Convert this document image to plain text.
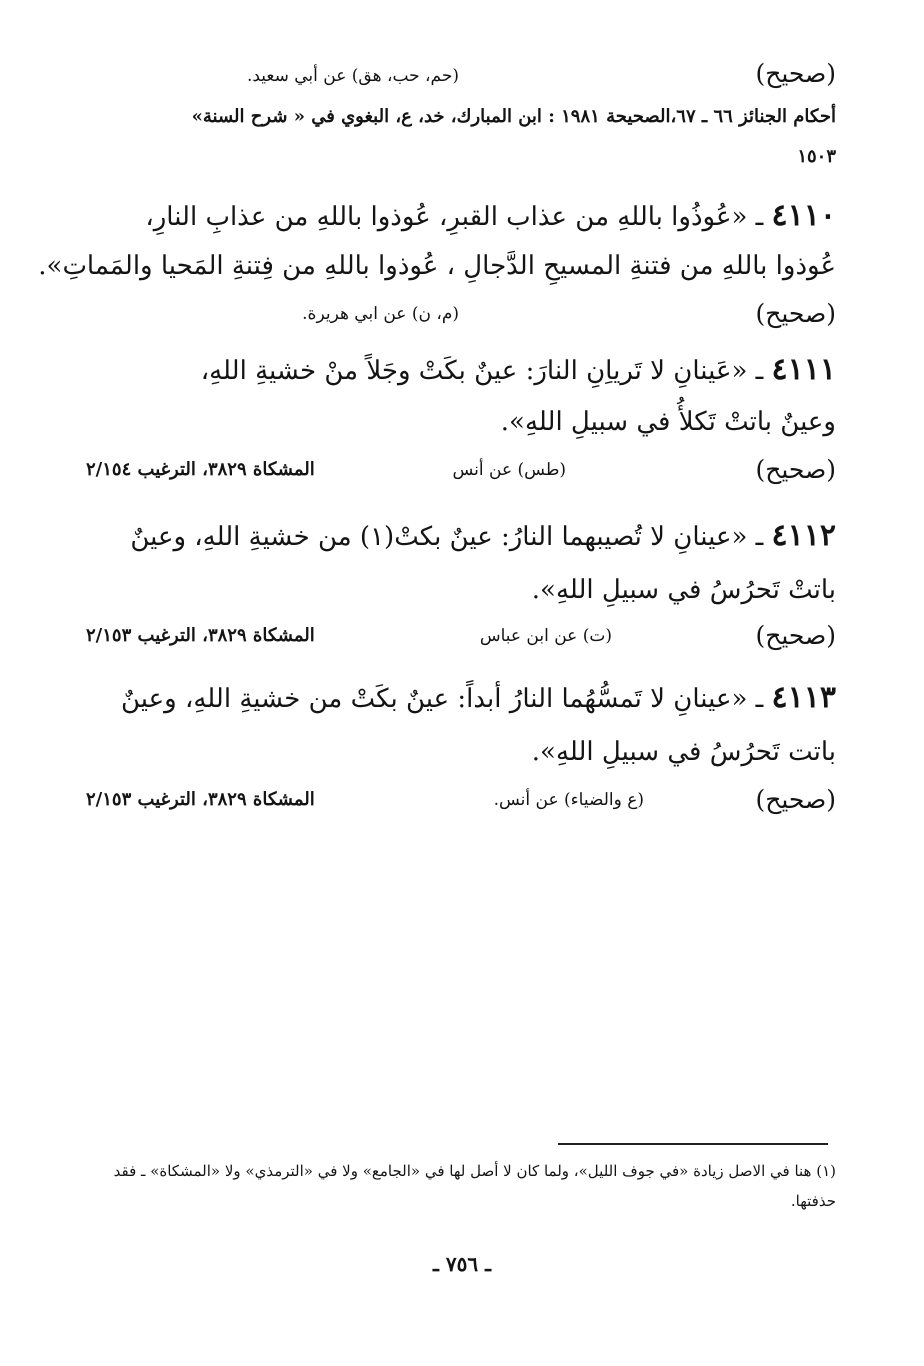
(صحيح)
(حم، حب، هق) عن أبي سعيد.
أحكام الجنائز ٦٦ ـ ٦٧،الصحيحة ١٩٨١ : ابن المبارك، خد، ع، البغوي في « شرح السنة»
١٥٠٣
٤١١٠ ـ «عُوذُوا باللهِ من عذاب القبرِ، عُوذوا باللهِ من عذابِ النارِ،
عُوذوا باللهِ من فتنةِ المسيحِ الدَّجالِ ، عُوذوا باللهِ من فِتنةِ المَحيا والمَماتِ».
(صحيح)
(م، ن) عن ابي هريرة.
٤١١١ ـ «عَينانِ لا تَرياِنِ النارَ: عينٌ بكَتْ وجَلاً منْ خشيةِ اللهِ،
وعينٌ باتتْ تَكلأُ في سبيلِ اللهِ».
(صحيح)
(طس) عن أنس
المشكاة ٣٨٢٩، الترغيب ٢/١٥٤
٤١١٢ ـ «عينانِ لا تُصيبهما النارُ: عينٌ بكتْ(١) من خشيةِ اللهِ، وعينٌ
باتتْ تَحرُسُ في سبيلِ اللهِ».
(صحيح)
(ت) عن ابن عباس
المشكاة ٣٨٢٩، الترغيب ٢/١٥٣
٤١١٣ ـ «عينانِ لا تَمسُّهُما النارُ أبداً: عينٌ بكَتْ من خشيةِ اللهِ، وعينٌ
باتت تَحرُسُ في سبيلِ اللهِ».
(صحيح)
(ع والضياء) عن أنس.
المشكاة ٣٨٢٩، الترغيب ٢/١٥٣
(١) هنا في الاصل زيادة «في جوف الليل»، ولما كان لا أصل لها في «الجامع» ولا في «الترمذي» ولا «المشكاة» ـ فقد
حذفتها.
ـ ٧٥٦ ـ
